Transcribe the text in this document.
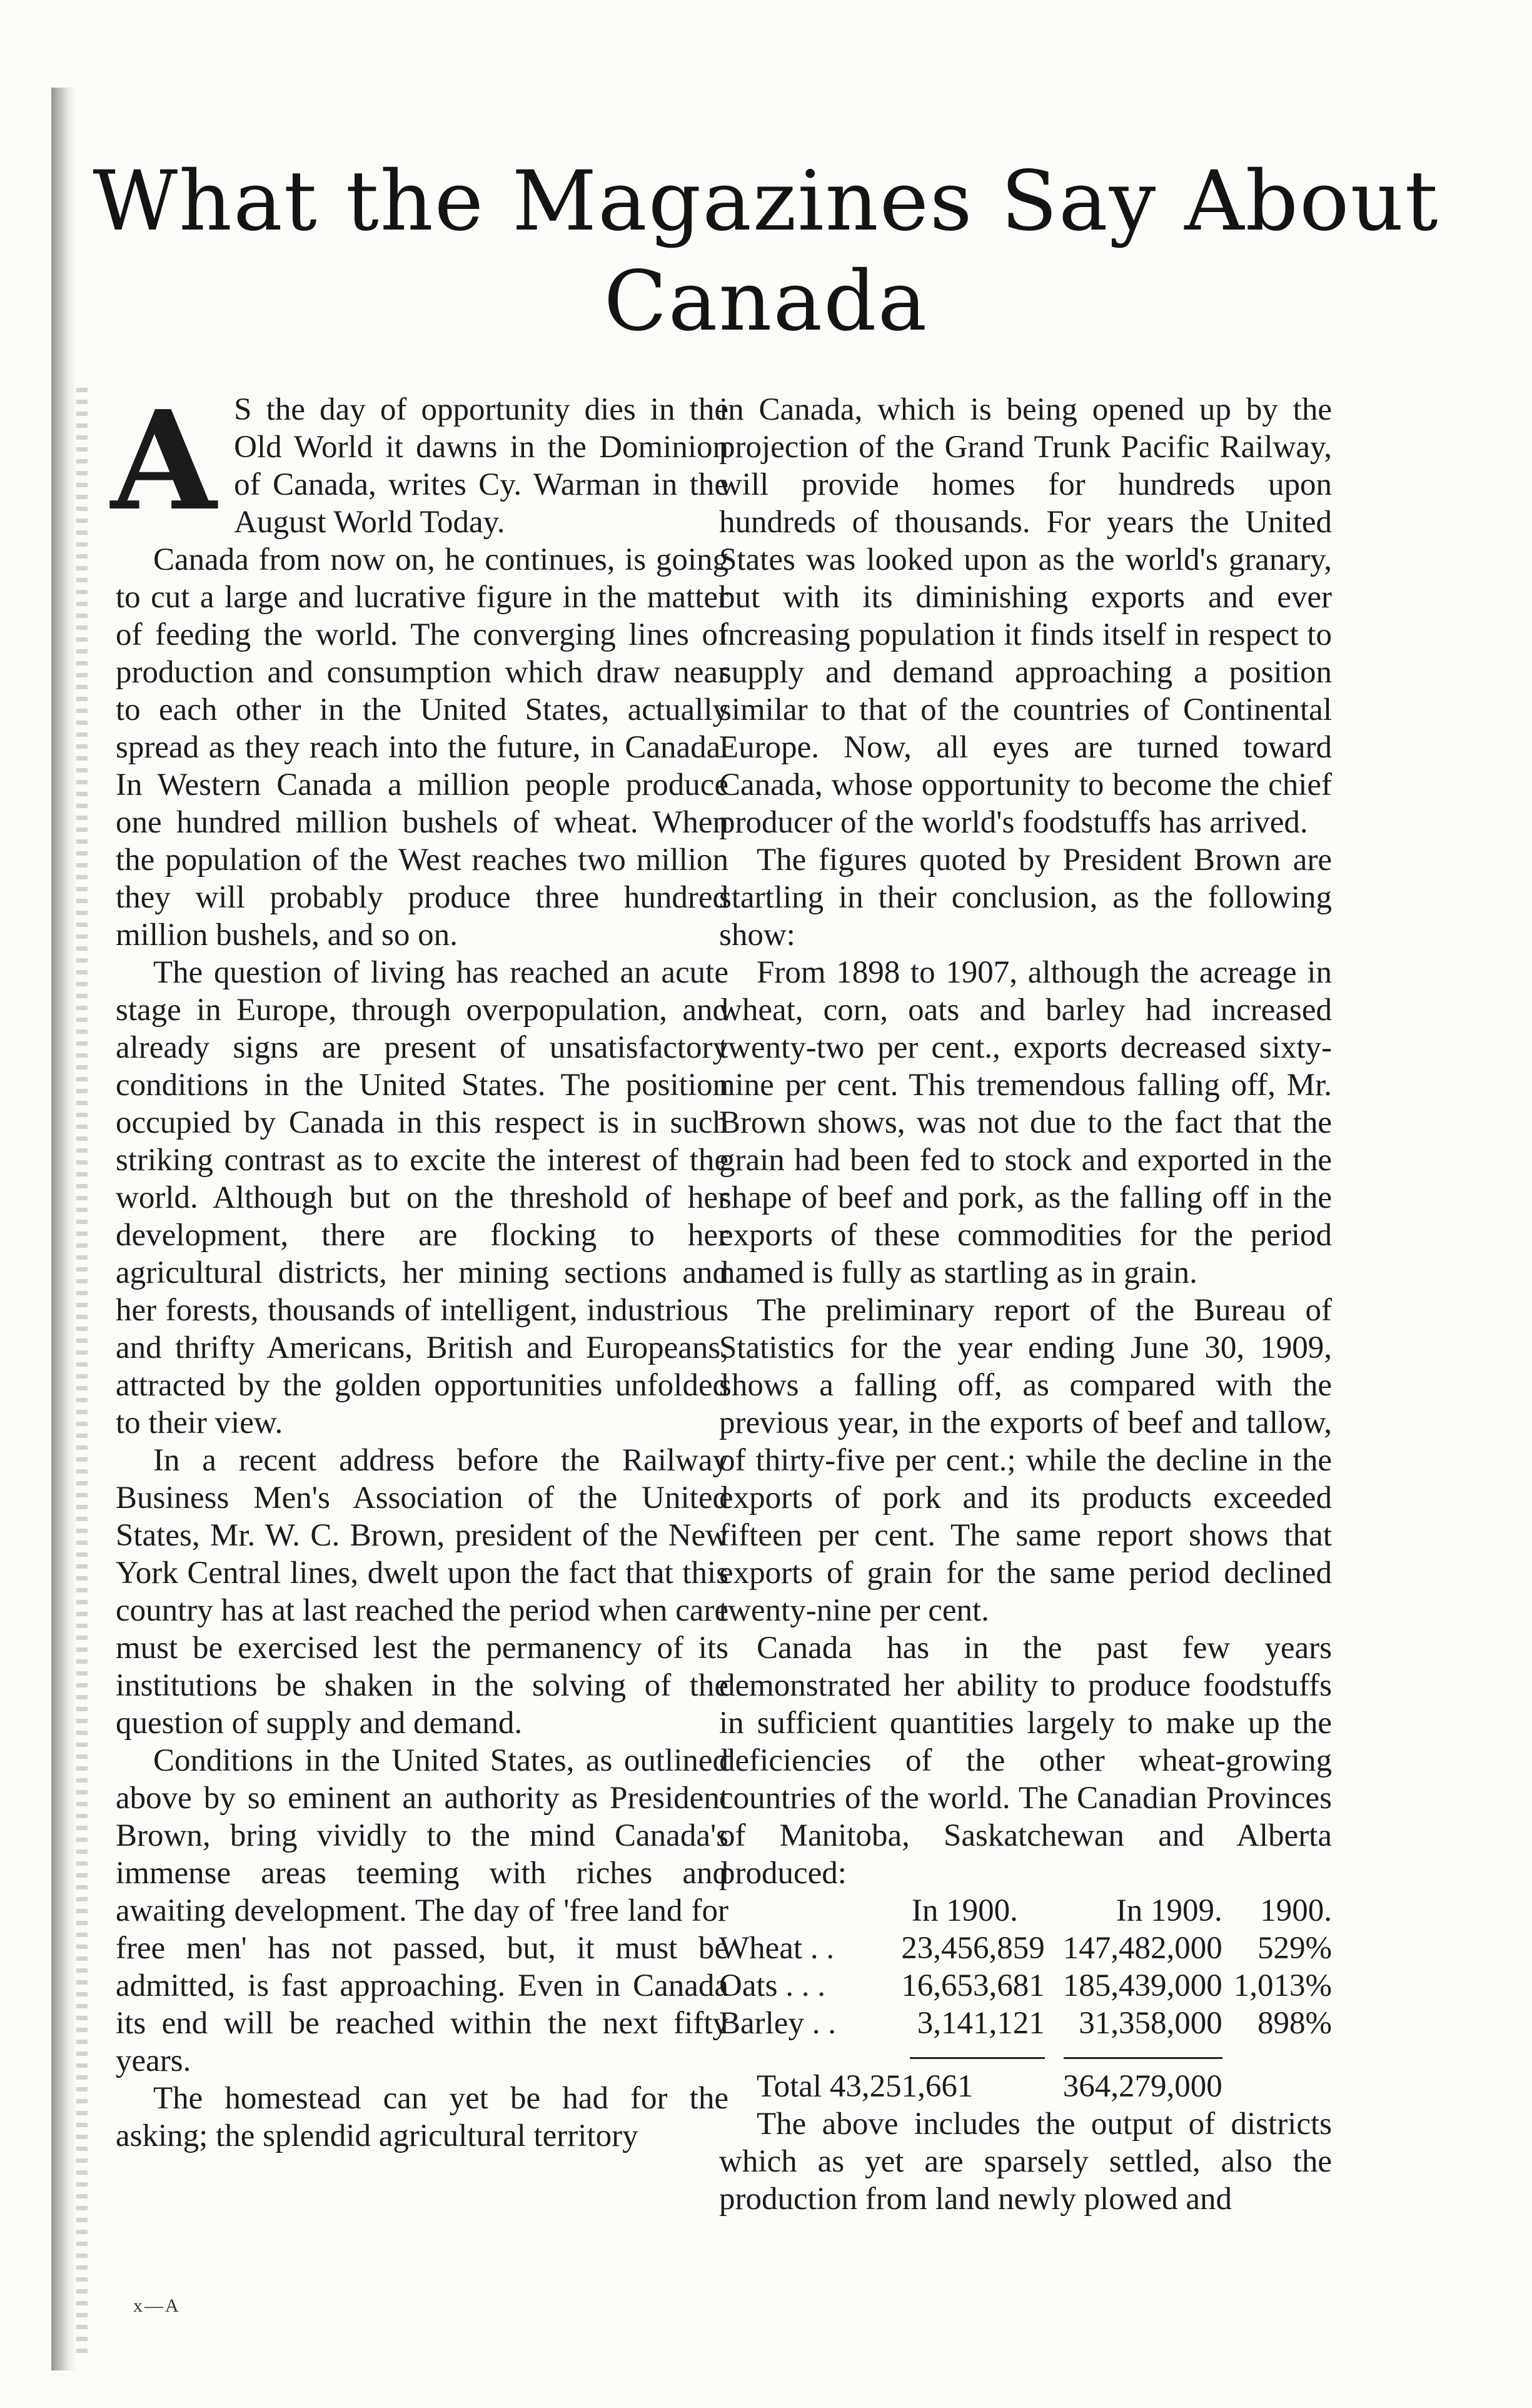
What the Magazines Say About
Canada

A S the day of opportunity dies in the Old World it dawns in the Dominion of Canada, writes Cy. Warman in the August World Today.

Canada from now on, he continues, is going to cut a large and lucrative figure in the matter of feeding the world. The converging lines of production and consumption which draw near to each other in the United States, actually spread as they reach into the future, in Canada. In Western Canada a million people produce one hundred million bushels of wheat. When the population of the West reaches two million they will probably produce three hundred million bushels, and so on.

The question of living has reached an acute stage in Europe, through overpopulation, and already signs are present of unsatisfactory conditions in the United States. The position occupied by Canada in this respect is in such striking contrast as to excite the interest of the world. Although but on the threshold of her development, there are flocking to her agricultural districts, her mining sections and her forests, thousands of intelligent, industrious and thrifty Americans, British and Europeans, attracted by the golden opportunities unfolded to their view.

In a recent address before the Railway Business Men's Association of the United States, Mr. W. C. Brown, president of the New York Central lines, dwelt upon the fact that this country has at last reached the period when care must be exercised lest the permanency of its institutions be shaken in the solving of the question of supply and demand.

Conditions in the United States, as outlined above by so eminent an authority as President Brown, bring vividly to the mind Canada's immense areas teeming with riches and awaiting development. The day of 'free land for free men' has not passed, but, it must be admitted, is fast approaching. Even in Canada its end will be reached within the next fifty years.

The homestead can yet be had for the asking; the splendid agricultural territory

in Canada, which is being opened up by the projection of the Grand Trunk Pacific Railway, will provide homes for hundreds upon hundreds of thousands. For years the United States was looked upon as the world's granary, but with its diminishing exports and ever increasing population it finds itself in respect to supply and demand approaching a position similar to that of the countries of Continental Europe. Now, all eyes are turned toward Canada, whose opportunity to become the chief producer of the world's foodstuffs has arrived.

The figures quoted by President Brown are startling in their conclusion, as the following show:

From 1898 to 1907, although the acreage in wheat, corn, oats and barley had increased twenty-two per cent., exports decreased sixty-nine per cent. This tremendous falling off, Mr. Brown shows, was not due to the fact that the grain had been fed to stock and exported in the shape of beef and pork, as the falling off in the exports of these commodities for the period named is fully as startling as in grain.

The preliminary report of the Bureau of Statistics for the year ending June 30, 1909, shows a falling off, as compared with the previous year, in the exports of beef and tallow, of thirty-five per cent.; while the decline in the exports of pork and its products exceeded fifteen per cent. The same report shows that exports of grain for the same period declined twenty-nine per cent.

Canada has in the past few years demonstrated her ability to produce foodstuffs in sufficient quantities largely to make up the deficiencies of the other wheat-growing countries of the world. The Canadian Provinces of Manitoba, Saskatchewan and Alberta produced:

	In 1900.	In 1909.	1900.
Wheat . .	23,456,859	147,482,000	529%
Oats . . .	16,653,681	185,439,000	1,013%
Barley . .	3,141,121	31,358,000	898%

Total 43,251,661		364,279,000	

The above includes the output of districts which as yet are sparsely settled, also the production from land newly plowed and

x—A
